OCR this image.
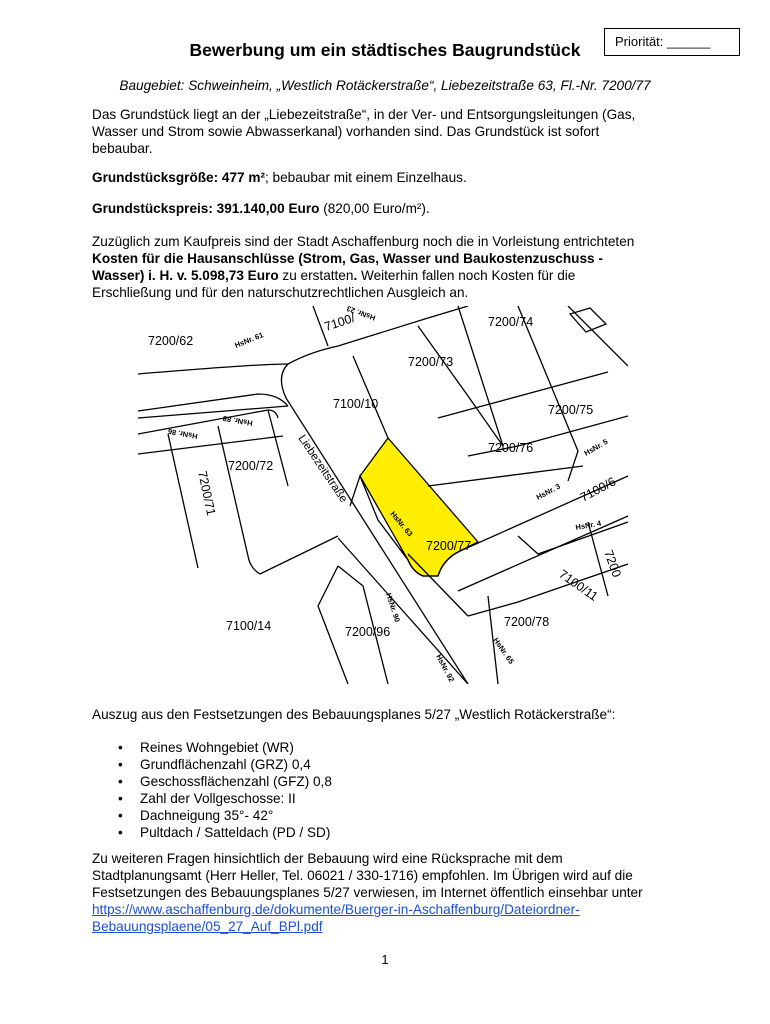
Priorität: ______
Bewerbung um ein städtisches Baugrundstück
Baugebiet: Schweinheim, „Westlich Rotäckerstraße“, Liebezeitstraße 63, Fl.-Nr. 7200/77
Das Grundstück liegt an der „Liebezeitstraße“, in der Ver- und Entsorgungsleitungen (Gas,
Wasser und Strom sowie Abwasserkanal) vorhanden sind. Das Grundstück ist sofort
bebaubar.
Grundstücksgröße: 477 m²; bebaubar mit einem Einzelhaus.
Grundstückspreis: 391.140,00 Euro (820,00 Euro/m²).
Zuzüglich zum Kaufpreis sind der Stadt Aschaffenburg noch die in Vorleistung entrichteten
Kosten für die Hausanschlüsse (Strom, Gas, Wasser und Baukostenzuschuss -
Wasser) i. H. v. 5.098,73 Euro zu erstatten. Weiterhin fallen noch Kosten für die
Erschließung und für den naturschutzrechtlichen Ausgleich an.
7200/62
7100/	7200/74
7200/73
7100/10	7200/75
7200/76
7200/72
7200/71	7100/6
7200/77
7200
7100/11
7200/78
7100/14	7200/96
Liebezeitstraße
HsNr. 61
HsNr. 23
HsNr. 88
HsNr. 86
HsNr. 5
HsNr. 3
HsNr. 4
HsNr. 63
HsNr. 90
HsNr. 65
HsNr. 92
Auszug aus den Festsetzungen des Bebauungsplanes 5/27 „Westlich Rotäckerstraße“:
• Reines Wohngebiet (WR)
• Grundflächenzahl (GRZ) 0,4
• Geschossflächenzahl (GFZ) 0,8
• Zahl der Vollgeschosse: II
• Dachneigung 35°- 42°
• Pultdach / Satteldach (PD / SD)
Zu weiteren Fragen hinsichtlich der Bebauung wird eine Rücksprache mit dem
Stadtplanungsamt (Herr Heller, Tel. 06021 / 330-1716) empfohlen. Im Übrigen wird auf die
Festsetzungen des Bebauungsplanes 5/27 verwiesen, im Internet öffentlich einsehbar unter
https://www.aschaffenburg.de/dokumente/Buerger-in-Aschaffenburg/Dateiordner-
Bebauungsplaene/05_27_Auf_BPl.pdf
1
